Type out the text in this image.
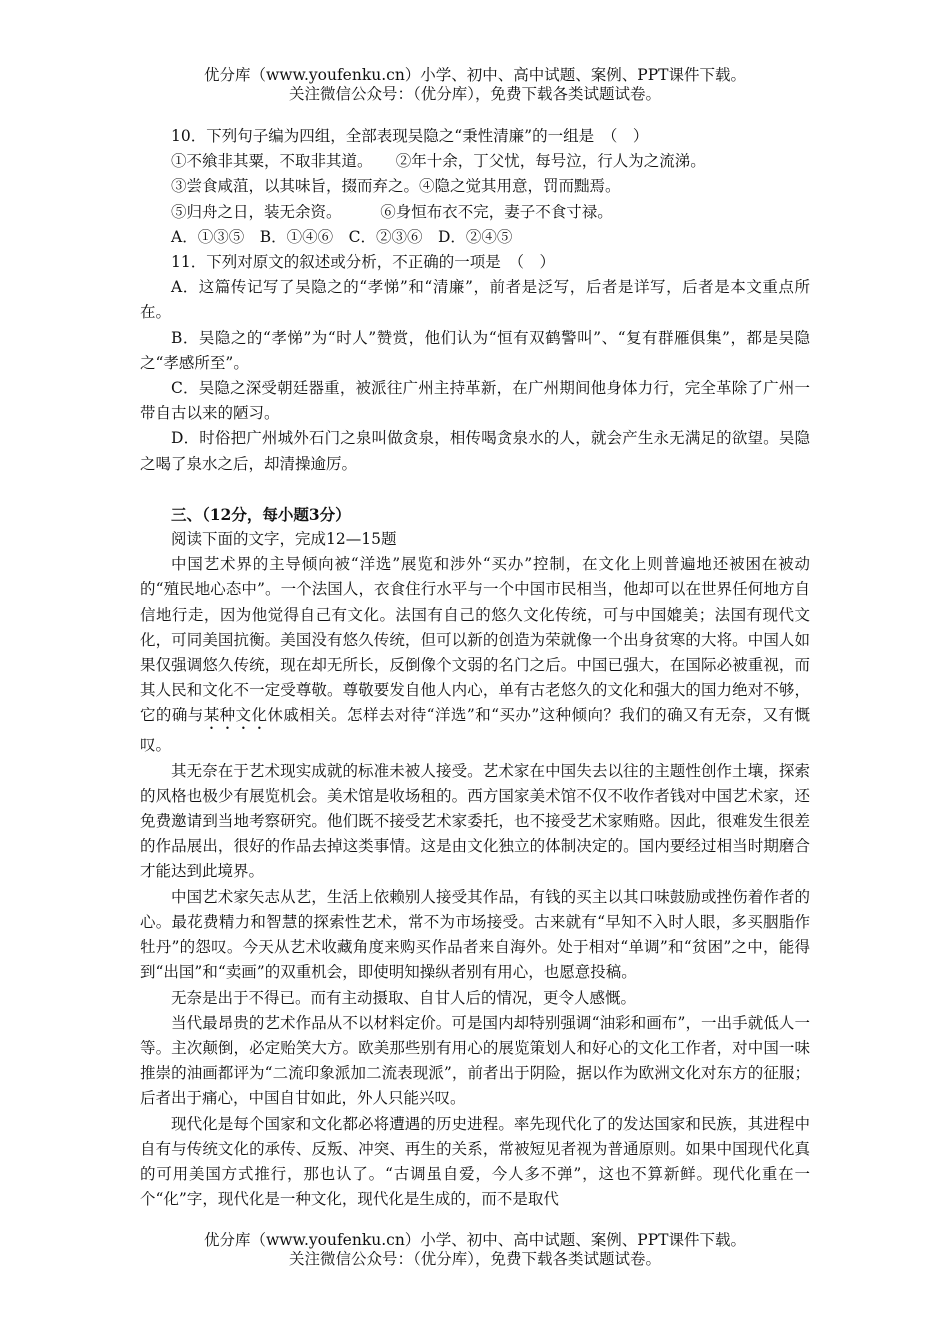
优分库（www.youfenku.cn）小学、初中、高中试题、案例、PPT课件下载。
关注微信公众号：（优分库），免费下载各类试题试卷。

10．下列句子编为四组，全部表现吴隐之“秉性清廉”的一组是　（　）

①不飨非其粟，不取非其道。　　②年十余，丁父忧，每号泣，行人为之流涕。

③尝食咸菹，以其味旨，掇而弃之。④隐之觉其用意，罚而黜焉。

⑤归舟之日，装无余资。　　　⑥身恒布衣不完，妻子不食寸禄。

A．①③⑤　B．①④⑥　C．②③⑥　D．②④⑤

11．下列对原文的叙述或分析，不正确的一项是　（　）

A．这篇传记写了吴隐之的“孝悌”和“清廉”，前者是泛写，后者是详写，后者是本文重点所在。

B．吴隐之的“孝悌”为“时人”赞赏，他们认为“恒有双鹤警叫”、“复有群雁俱集”，都是吴隐之“孝感所至”。

C．吴隐之深受朝廷器重，被派往广州主持革新，在广州期间他身体力行，完全革除了广州一带自古以来的陋习。

D．时俗把广州城外石门之泉叫做贪泉，相传喝贪泉水的人，就会产生永无满足的欲望。吴隐之喝了泉水之后，却清操逾厉。

三、（12分，每小题3分）

阅读下面的文字，完成12—15题

中国艺术界的主导倾向被“洋选”展览和涉外“买办”控制，在文化上则普遍地还被困在被动的“殖民地心态中”。一个法国人，衣食住行水平与一个中国市民相当，他却可以在世界任何地方自信地行走，因为他觉得自己有文化。法国有自己的悠久文化传统，可与中国媲美；法国有现代文化，可同美国抗衡。美国没有悠久传统，但可以新的创造为荣就像一个出身贫寒的大将。中国人如果仅强调悠久传统，现在却无所长，反倒像个文弱的名门之后。中国已强大，在国际必被重视，而其人民和文化不一定受尊敬。尊敬要发自他人内心，单有古老悠久的文化和强大的国力绝对不够，它的确与某种文化休戚相关。怎样去对待“洋选”和“买办”这种倾向？我们的确又有无奈，又有慨叹。

其无奈在于艺术现实成就的标准未被人接受。艺术家在中国失去以往的主题性创作土壤，探索的风格也极少有展览机会。美术馆是收场租的。西方国家美术馆不仅不收作者钱对中国艺术家，还免费邀请到当地考察研究。他们既不接受艺术家委托，也不接受艺术家贿赂。因此，很难发生很差的作品展出，很好的作品去掉这类事情。这是由文化独立的体制决定的。国内要经过相当时期磨合才能达到此境界。

中国艺术家矢志从艺，生活上依赖别人接受其作品，有钱的买主以其口味鼓励或挫伤着作者的心。最花费精力和智慧的探索性艺术，常不为市场接受。古来就有“早知不入时人眼，多买胭脂作牡丹”的怨叹。今天从艺术收藏角度来购买作品者来自海外。处于相对“单调”和“贫困”之中，能得到“出国”和“卖画”的双重机会，即使明知操纵者别有用心，也愿意投稿。

无奈是出于不得已。而有主动摄取、自甘人后的情况，更令人感慨。

当代最昂贵的艺术作品从不以材料定价。可是国内却特别强调“油彩和画布”，一出手就低人一等。主次颠倒，必定贻笑大方。欧美那些别有用心的展览策划人和好心的文化工作者，对中国一味推崇的油画都评为“二流印象派加二流表现派”，前者出于阴险，据以作为欧洲文化对东方的征服；后者出于痛心，中国自甘如此，外人只能兴叹。

现代化是每个国家和文化都必将遭遇的历史进程。率先现代化了的发达国家和民族，其进程中自有与传统文化的承传、反叛、冲突、再生的关系，常被短见者视为普通原则。如果中国现代化真的可用美国方式推行，那也认了。“古调虽自爱，今人多不弹”，这也不算新鲜。现代化重在一个“化”字，现代化是一种文化，现代化是生成的，而不是取代

优分库（www.youfenku.cn）小学、初中、高中试题、案例、PPT课件下载。
关注微信公众号：（优分库），免费下载各类试题试卷。
